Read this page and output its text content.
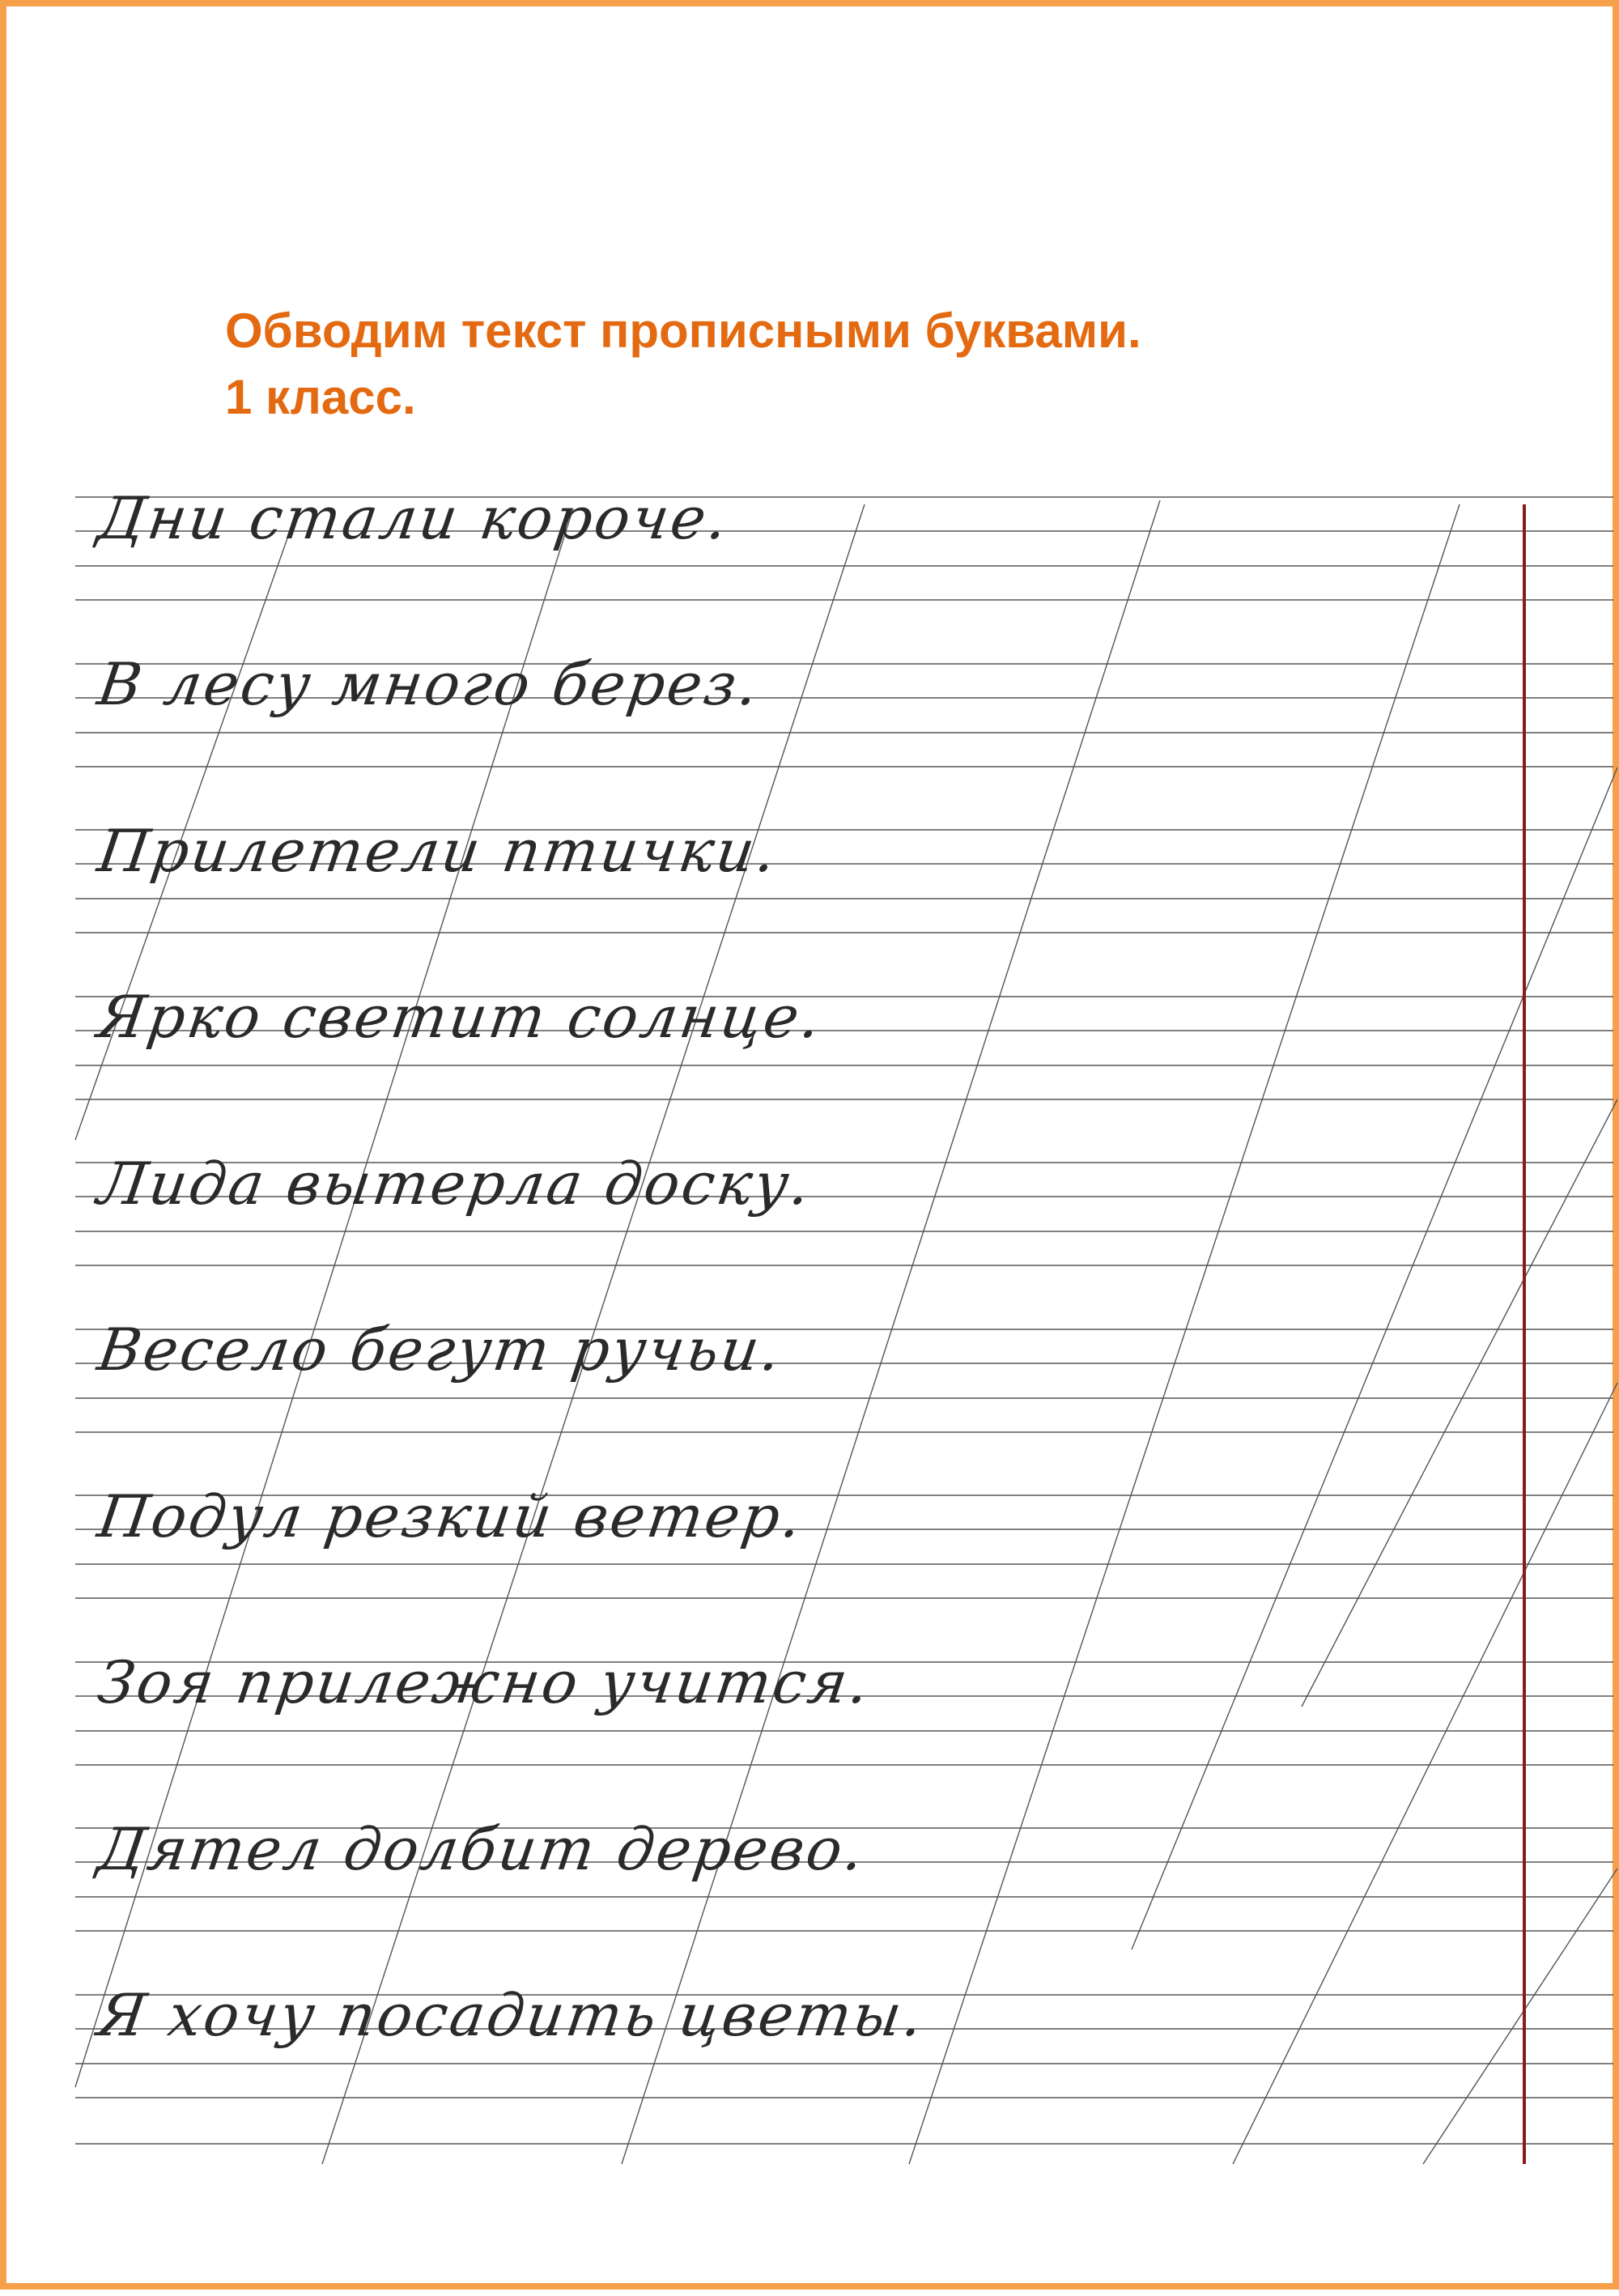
Обводим текст прописными буквами.
1 класс.

Дни стали короче.

В лесу много берез.

Прилетели птички.

Ярко светит солнце.

Лида вытерла доску.

Весело бегут ручьи.

Подул резкий ветер.

Зоя прилежно учится.

Дятел долбит дерево.

Я хочу посадить цветы.
